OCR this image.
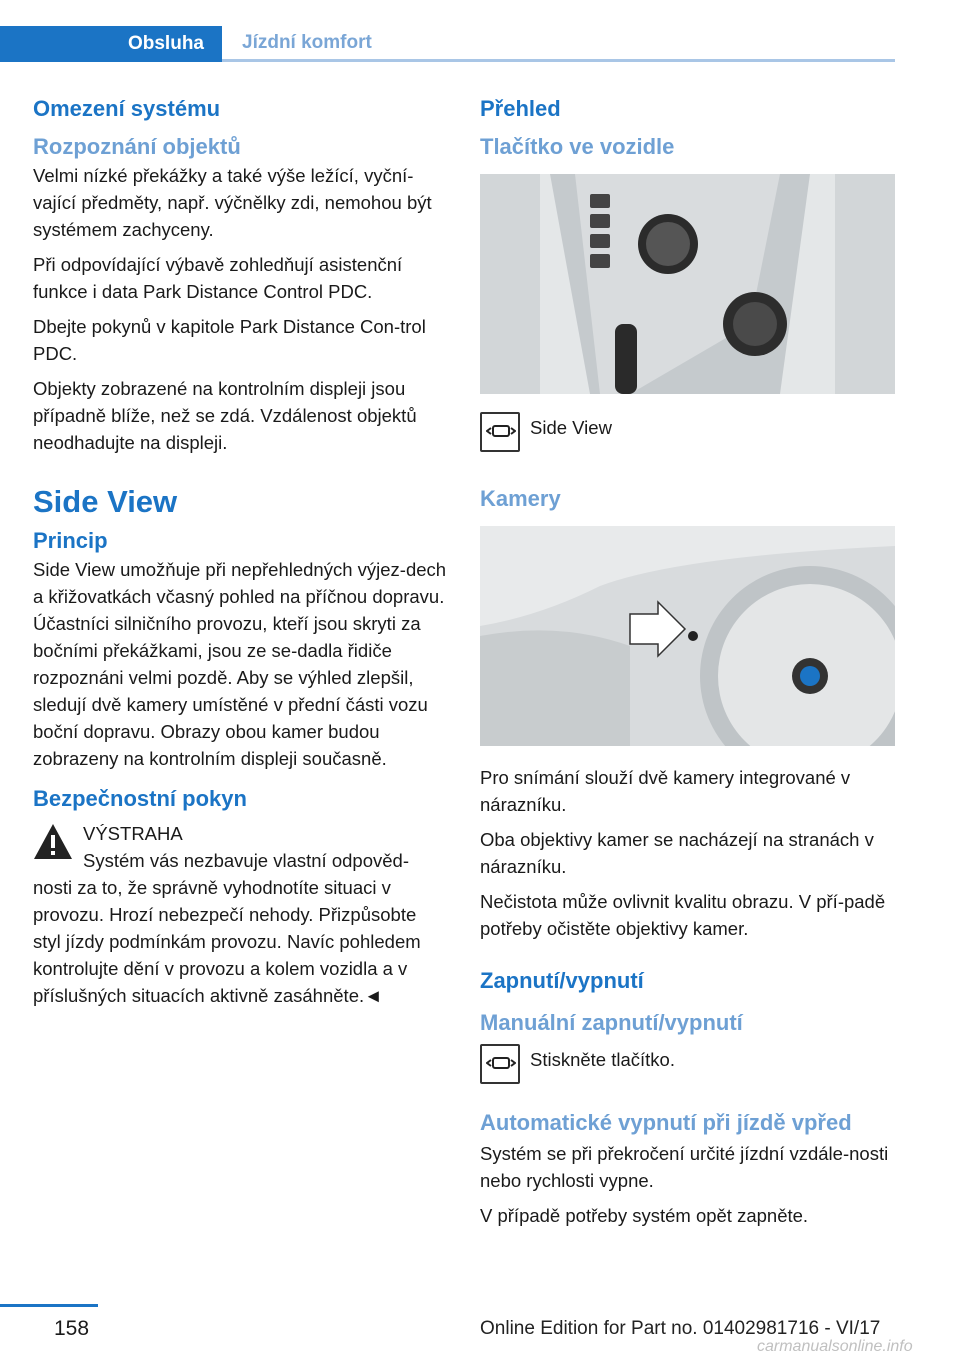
Obsluha	Jízdní komfort
Omezení systému
Rozpoznání objektů

Velmi nízké překážky a také výše ležící, vyční-vající předměty, např. výčnělky zdi, nemohou být systémem zachyceny.

Při odpovídající výbavě zohledňují asistenční funkce i data Park Distance Control PDC.

Dbejte pokynů v kapitole Park Distance Con-trol PDC.

Objekty zobrazené na kontrolním displeji jsou případně blíže, než se zdá. Vzdálenost objektů neodhadujte na displeji.

Side View
Princip

Side View umožňuje při nepřehledných výjez-dech a křižovatkách včasný pohled na příčnou dopravu. Účastníci silničního provozu, kteří jsou skryti za bočními překážkami, jsou ze se-dadla řidiče rozpoznáni velmi pozdě. Aby se výhled zlepšil, sledují dvě kamery umístěné v přední části vozu boční dopravu. Obrazy obou kamer budou zobrazeny na kontrolním displeji současně.

Bezpečnostní pokyn
VÝSTRAHA

Systém vás nezbavuje vlastní odpověd-nosti za to, že správně vyhodnotíte situaci v provozu. Hrozí nebezpečí nehody. Přizpůsobte styl jízdy podmínkám provozu. Navíc pohledem kontrolujte dění v provozu a kolem vozidla a v příslušných situacích aktivně zasáhněte.◄

Přehled
Tlačítko ve vozidle
Side View
Kamery

Pro snímání slouží dvě kamery integrované v nárazníku.

Oba objektivy kamer se nacházejí na stranách v nárazníku.

Nečistota může ovlivnit kvalitu obrazu. V pří-padě potřeby očistěte objektivy kamer.

Zapnutí/vypnutí
Manuální zapnutí/vypnutí
Stiskněte tlačítko.
Automatické vypnutí při jízdě vpřed

Systém se při překročení určité jízdní vzdále-nosti nebo rychlosti vypne.

V případě potřeby systém opět zapněte.

158	Online Edition for Part no. 01402981716 - VI/17
carmanualsonline.info
